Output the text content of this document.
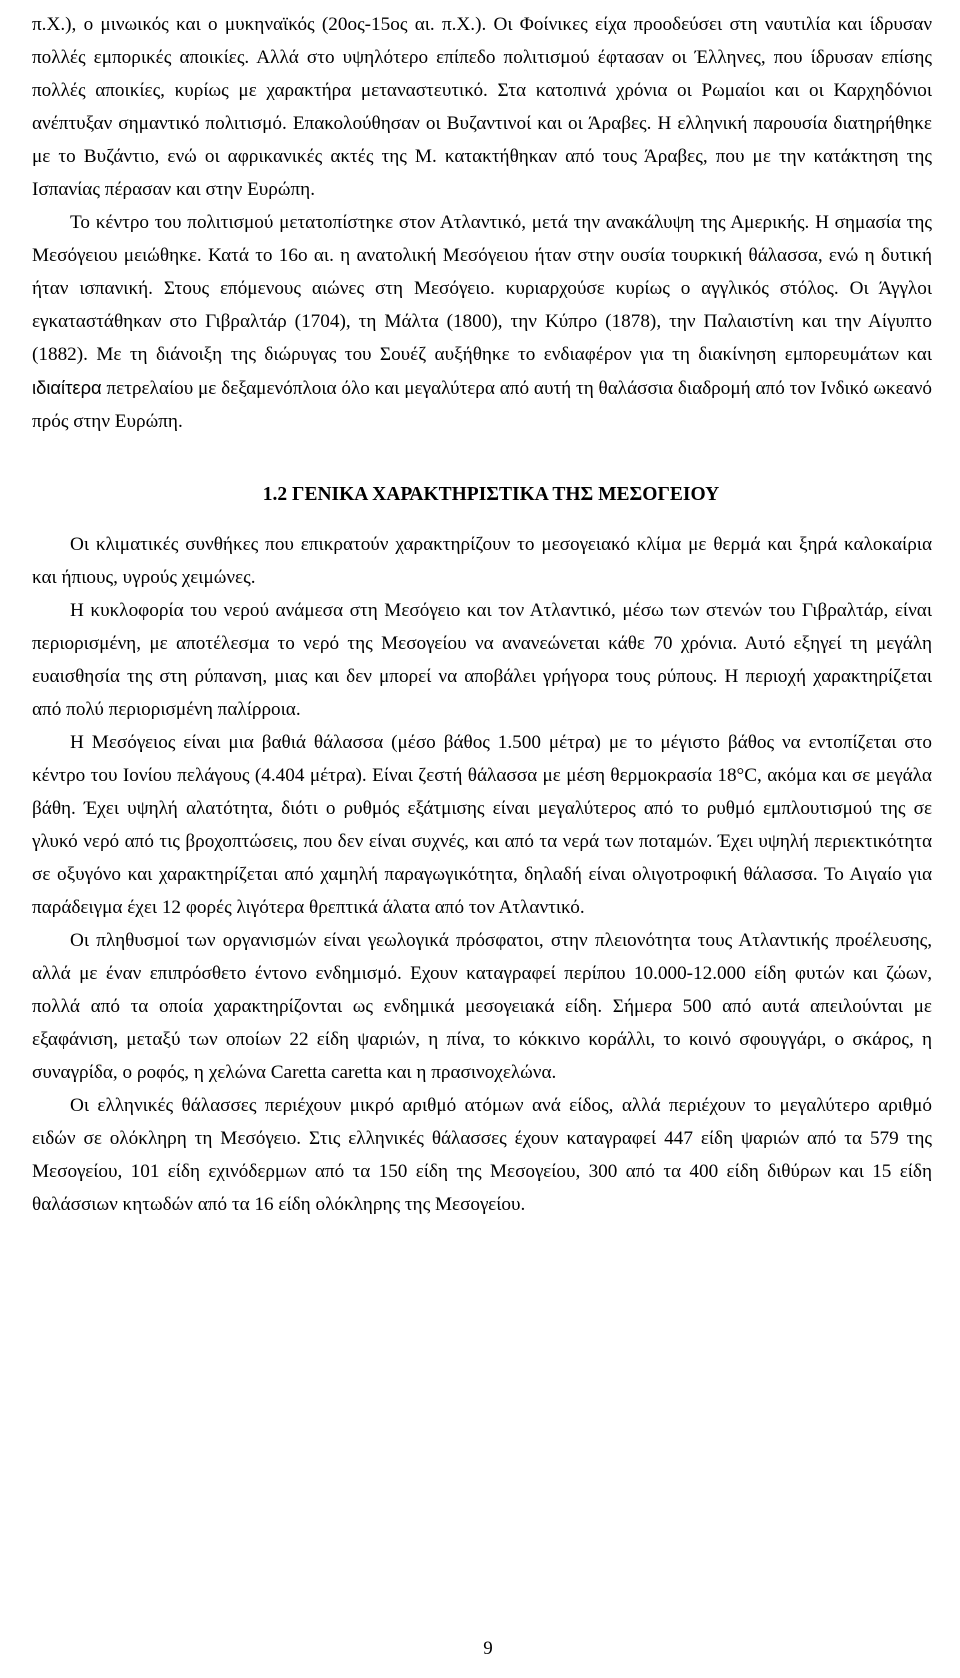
π.Χ.), ο μινωικός και ο μυκηναϊκός (20ος-15ος αι. π.Χ.). Οι Φοίνικες είχα προοδεύσει στη ναυτιλία και ίδρυσαν πολλές εμπορικές αποικίες. Αλλά στο υψηλότερο επίπεδο πολιτισμού έφτασαν οι Έλληνες, που ίδρυσαν επίσης πολλές αποικίες, κυρίως με χαρακτήρα μεταναστευτικό. Στα κατοπινά χρόνια οι Ρωμαίοι και οι Καρχηδόνιοι ανέπτυξαν σημαντικό πολιτισμό. Επακολούθησαν οι Βυζαντινοί και οι Άραβες. Η ελληνική παρουσία διατηρήθηκε με το Βυζάντιο, ενώ οι αφρικανικές ακτές της Μ. κατακτήθηκαν από τους Άραβες, που με την κατάκτηση της Ισπανίας πέρασαν και στην Ευρώπη.

Το κέντρο του πολιτισμού μετατοπίστηκε στον Ατλαντικό, μετά την ανακάλυψη της Αμερικής. Η σημασία της Μεσόγειου μειώθηκε. Κατά το 16ο αι. η ανατολική Μεσόγειου ήταν στην ουσία τουρκική θάλασσα, ενώ η δυτική ήταν ισπανική. Στους επόμενους αιώνες στη Μεσόγειο. κυριαρχούσε κυρίως ο αγγλικός στόλος. Οι Άγγλοι εγκαταστάθηκαν στο Γιβραλτάρ (1704), τη Μάλτα (1800), την Κύπρο (1878), την Παλαιστίνη και την Αίγυπτο (1882). Με τη διάνοιξη της διώρυγας του Σουέζ αυξήθηκε το ενδιαφέρον για τη διακίνηση εμπορευμάτων και ιδιαίτερα πετρελαίου με δεξαμενόπλοια όλο και μεγαλύτερα από αυτή τη θαλάσσια διαδρομή από τον Ινδικό ωκεανό πρός στην Ευρώπη.

1.2 ΓΕΝΙΚΑ ΧΑΡΑΚΤΗΡΙΣΤΙΚΑ ΤΗΣ ΜΕΣΟΓΕΙΟΥ

Οι κλιματικές συνθήκες που επικρατούν χαρακτηρίζουν το μεσογειακό κλίμα με θερμά και ξηρά καλοκαίρια και ήπιους, υγρούς χειμώνες.

Η κυκλοφορία του νερού ανάμεσα στη Μεσόγειο και τον Ατλαντικό, μέσω των στενών του Γιβραλτάρ, είναι περιορισμένη, με αποτέλεσμα το νερό της Μεσογείου να ανανεώνεται κάθε 70 χρόνια. Αυτό εξηγεί τη μεγάλη ευαισθησία της στη ρύπανση, μιας και δεν μπορεί να αποβάλει γρήγορα τους ρύπους. Η περιοχή χαρακτηρίζεται από πολύ περιορισμένη παλίρροια.

Η Μεσόγειος είναι μια βαθιά θάλασσα (μέσο βάθος 1.500 μέτρα) με το μέγιστο βάθος να εντοπίζεται στο κέντρο του Ιονίου πελάγους (4.404 μέτρα). Είναι ζεστή θάλασσα με μέση θερμοκρασία 18°C, ακόμα και σε μεγάλα βάθη. Έχει υψηλή αλατότητα, διότι ο ρυθμός εξάτμισης είναι μεγαλύτερος από το ρυθμό εμπλουτισμού της σε γλυκό νερό από τις βροχοπτώσεις, που δεν είναι συχνές, και από τα νερά των ποταμών. Έχει υψηλή περιεκτικότητα σε οξυγόνο και χαρακτηρίζεται από χαμηλή παραγωγικότητα, δηλαδή είναι ολιγοτροφική θάλασσα. Το Αιγαίο για παράδειγμα έχει 12 φορές λιγότερα θρεπτικά άλατα από τον Ατλαντικό.

Οι πληθυσμοί των οργανισμών είναι γεωλογικά πρόσφατοι, στην πλειονότητα τους Ατλαντικής προέλευσης, αλλά με έναν επιπρόσθετο έντονο ενδημισμό. Εχουν καταγραφεί περίπου 10.000-12.000 είδη φυτών και ζώων, πολλά από τα οποία χαρακτηρίζονται ως ενδημικά μεσογειακά είδη. Σήμερα 500 από αυτά απειλούνται με εξαφάνιση, μεταξύ των οποίων 22 είδη ψαριών, η πίνα, το κόκκινο κοράλλι, το κοινό σφουγγάρι, ο σκάρος, η συναγρίδα, ο ροφός, η χελώνα Caretta caretta και η πρασινοχελώνα.

Οι ελληνικές θάλασσες περιέχουν μικρό αριθμό ατόμων ανά είδος, αλλά περιέχουν το μεγαλύτερο αριθμό ειδών σε ολόκληρη τη Μεσόγειο. Στις ελληνικές θάλασσες έχουν καταγραφεί 447 είδη ψαριών από τα 579 της Μεσογείου, 101 είδη εχινόδερμων από τα 150 είδη της Μεσογείου, 300 από τα 400 είδη διθύρων και 15 είδη θαλάσσιων κητωδών από τα 16 είδη ολόκληρης της Μεσογείου.

9
